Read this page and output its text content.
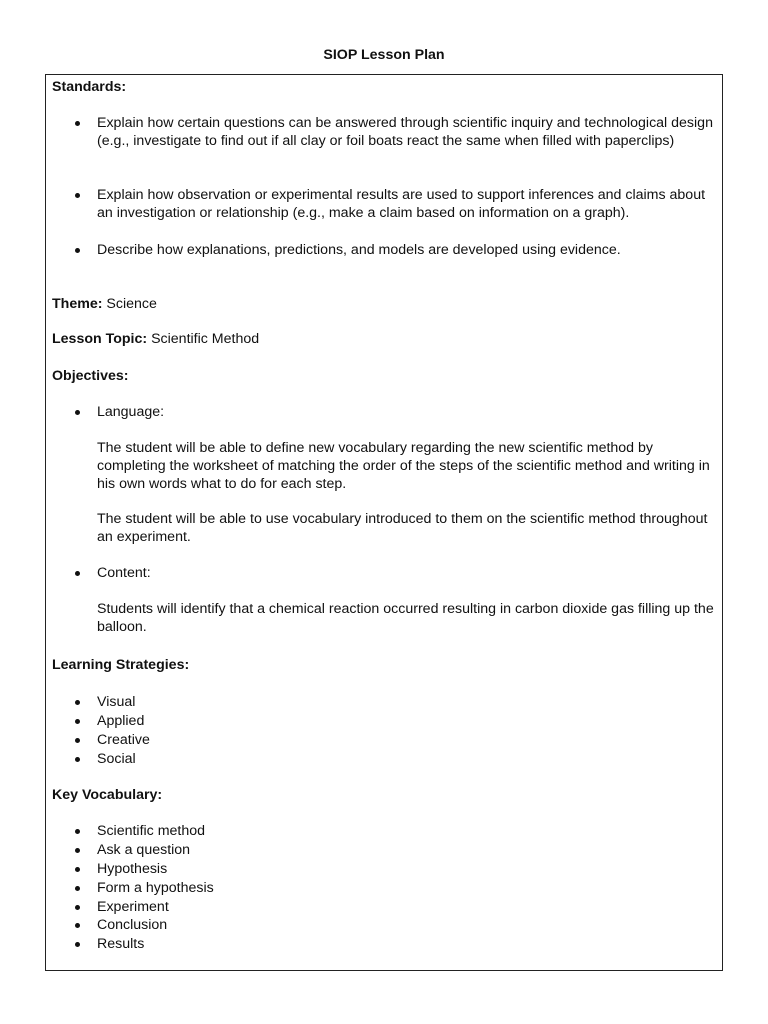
SIOP Lesson Plan
Standards:
Explain how certain questions can be answered through scientific inquiry and technological design (e.g., investigate to find out if all clay or foil boats react the same when filled with paperclips)
Explain how observation or experimental results are used to support inferences and claims about an investigation or relationship (e.g., make a claim based on information on a graph).
Describe how explanations, predictions, and models are developed using evidence.
Theme: Science
Lesson Topic: Scientific Method
Objectives:
Language:
The student will be able to define new vocabulary regarding the new scientific method by completing the worksheet of matching the order of the steps of the scientific method and writing in his own words what to do for each step.
The student will be able to use vocabulary introduced to them on the scientific method throughout an experiment.
Content:
Students will identify that a chemical reaction occurred resulting in carbon dioxide gas filling up the balloon.
Learning Strategies:
Visual
Applied
Creative
Social
Key Vocabulary:
Scientific method
Ask a question
Hypothesis
Form a hypothesis
Experiment
Conclusion
Results
